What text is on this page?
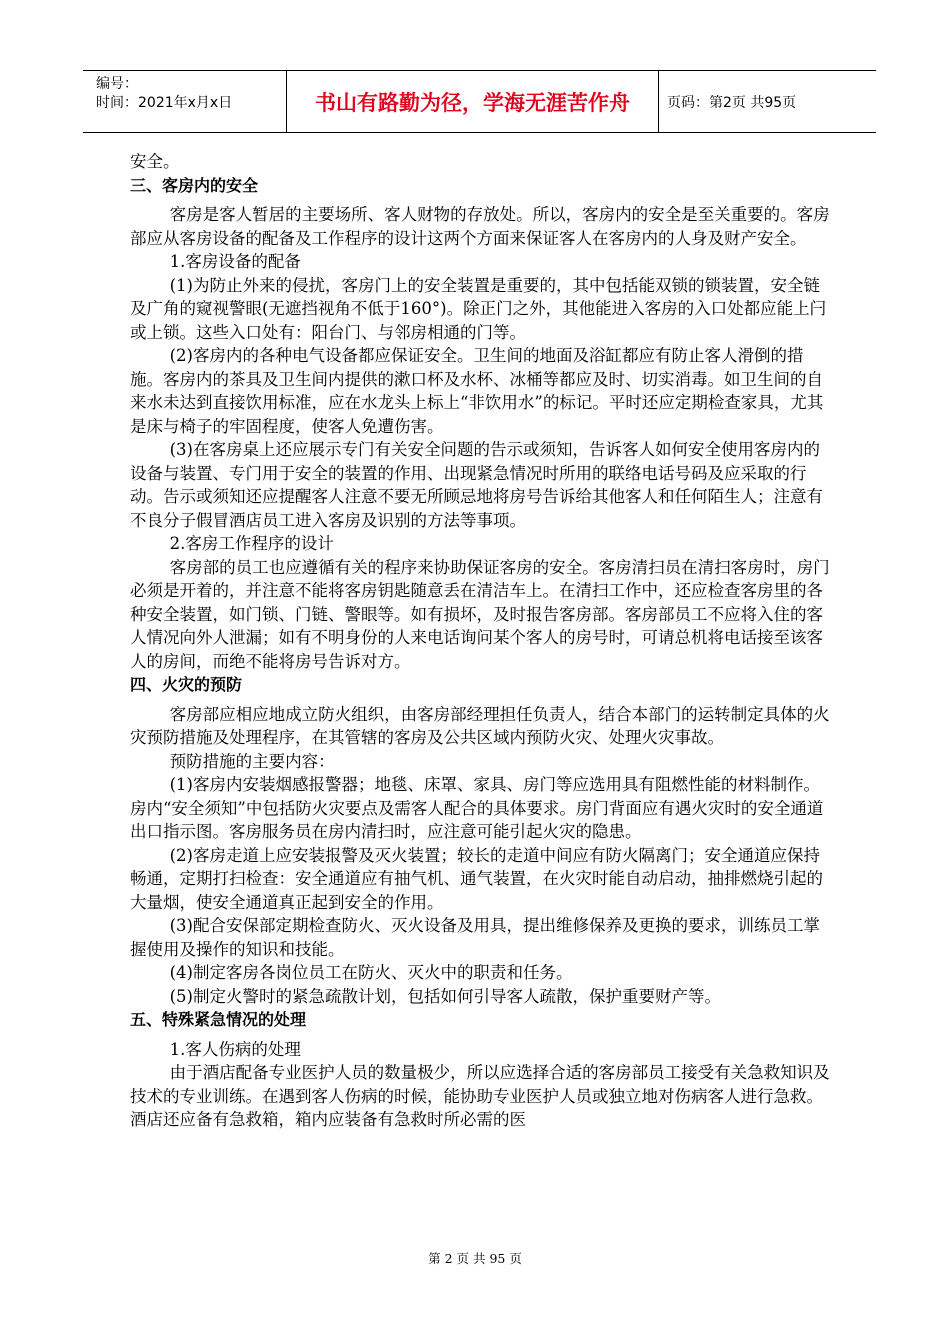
编号：
时间：2021年x月x日	书山有路勤为径，学海无涯苦作舟	页码：第2页 共95页

安全。

三、客房内的安全

客房是客人暂居的主要场所、客人财物的存放处。所以，客房内的安全是至关重要的。客房部应从客房设备的配备及工作程序的设计这两个方面来保证客人在客房内的人身及财产安全。

1.客房设备的配备

(1)为防止外来的侵扰，客房门上的安全装置是重要的，其中包括能双锁的锁装置，安全链及广角的窥视警眼(无遮挡视角不低于160°)。除正门之外，其他能进入客房的入口处都应能上闩或上锁。这些入口处有：阳台门、与邻房相通的门等。

(2)客房内的各种电气设备都应保证安全。卫生间的地面及浴缸都应有防止客人滑倒的措施。客房内的茶具及卫生间内提供的漱口杯及水杯、冰桶等都应及时、切实消毒。如卫生间的自来水未达到直接饮用标准，应在水龙头上标上“非饮用水”的标记。平时还应定期检查家具，尤其是床与椅子的牢固程度，使客人免遭伤害。

(3)在客房桌上还应展示专门有关安全问题的告示或须知，告诉客人如何安全使用客房内的设备与装置、专门用于安全的装置的作用、出现紧急情况时所用的联络电话号码及应采取的行动。告示或须知还应提醒客人注意不要无所顾忌地将房号告诉给其他客人和任何陌生人；注意有不良分子假冒酒店员工进入客房及识别的方法等事项。

2.客房工作程序的设计

客房部的员工也应遵循有关的程序来协助保证客房的安全。客房清扫员在清扫客房时，房门必须是开着的，并注意不能将客房钥匙随意丢在清洁车上。在清扫工作中，还应检查客房里的各种安全装置，如门锁、门链、警眼等。如有损坏，及时报告客房部。客房部员工不应将入住的客人情况向外人泄漏；如有不明身份的人来电话询问某个客人的房号时，可请总机将电话接至该客人的房间，而绝不能将房号告诉对方。

四、火灾的预防

客房部应相应地成立防火组织，由客房部经理担任负责人，结合本部门的运转制定具体的火灾预防措施及处理程序，在其管辖的客房及公共区域内预防火灾、处理火灾事故。

预防措施的主要内容：

(1)客房内安装烟感报警器；地毯、床罩、家具、房门等应选用具有阻燃性能的材料制作。房内“安全须知”中包括防火灾要点及需客人配合的具体要求。房门背面应有遇火灾时的安全通道出口指示图。客房服务员在房内清扫时，应注意可能引起火灾的隐患。

(2)客房走道上应安装报警及灭火装置；较长的走道中间应有防火隔离门；安全通道应保持畅通，定期打扫检查：安全通道应有抽气机、通气装置，在火灾时能自动启动，抽排燃烧引起的大量烟，使安全通道真正起到安全的作用。

(3)配合安保部定期检查防火、灭火设备及用具，提出维修保养及更换的要求，训练员工掌握使用及操作的知识和技能。

(4)制定客房各岗位员工在防火、灭火中的职责和任务。

(5)制定火警时的紧急疏散计划，包括如何引导客人疏散，保护重要财产等。

五、特殊紧急情况的处理

1.客人伤病的处理

由于酒店配备专业医护人员的数量极少，所以应选择合适的客房部员工接受有关急救知识及技术的专业训练。在遇到客人伤病的时候，能协助专业医护人员或独立地对伤病客人进行急救。酒店还应备有急救箱，箱内应装备有急救时所必需的医

第 2 页 共 95 页
